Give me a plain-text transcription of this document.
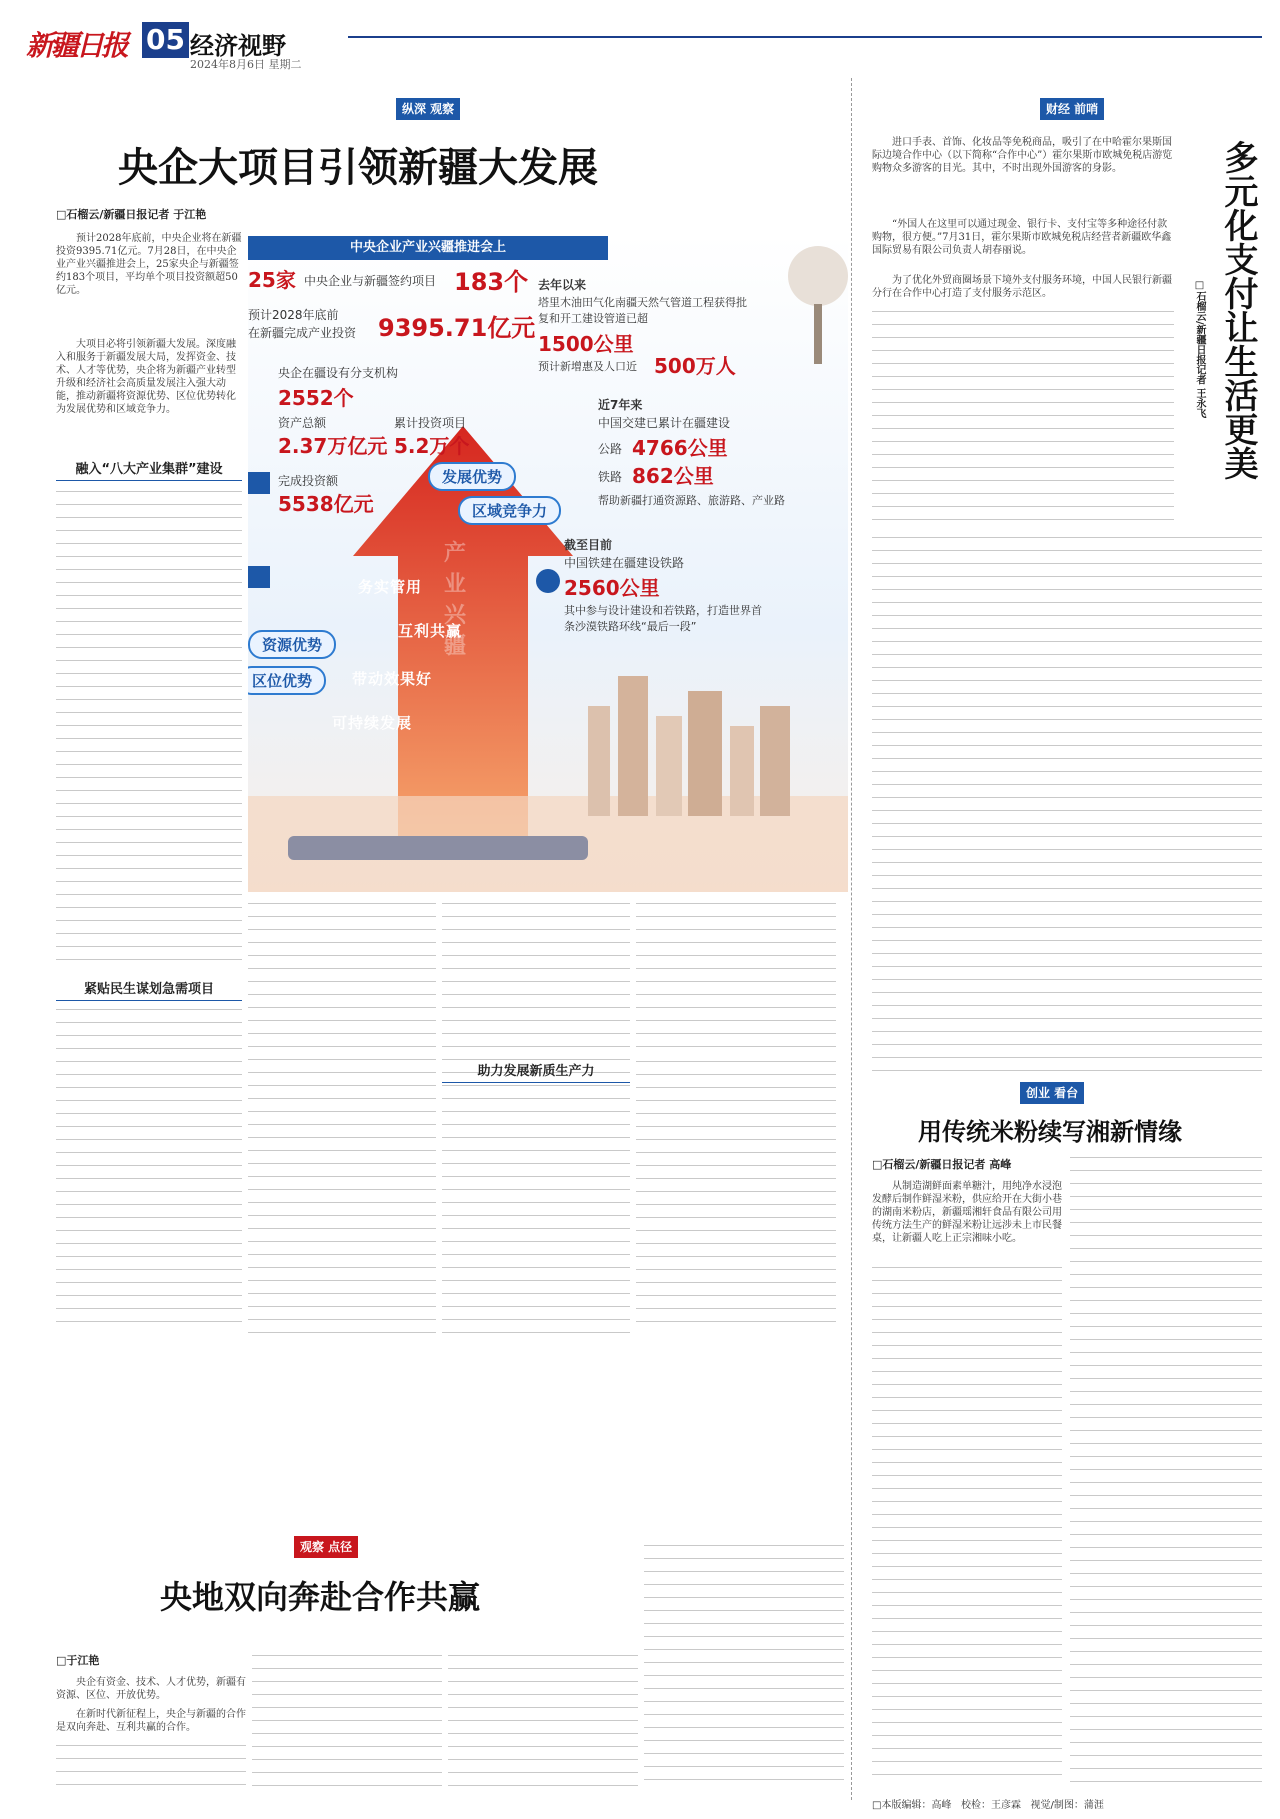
新疆日报 05 经济视野
2024年8月6日 星期二
纵深 观察
央企大项目引领新疆大发展
□石榴云/新疆日报记者 于江艳
预计2028年底前，中央企业将在新疆投资9395.71亿元。7月28日，在中央企业产业兴疆推进会上，25家央企与新疆签约183个项目，平均单个项目投资额超50亿元。
大项目必将引领新疆大发展。深度融入和服务于新疆发展大局，发挥资金、技术、人才等优势，央企将为新疆产业转型升级和经济社会高质量发展注入强大动能，推动新疆将资源优势、区位优势转化为发展优势和区域竞争力。
融入“八大产业集群”建设
紧贴民生谋划急需项目
助力发展新质生产力
中央企业产业兴疆推进会上
25家 中央企业与新疆签约项目 183个
预计2028年底前
在新疆完成产业投资 9395.71亿元
去年以来
塔里木油田气化南疆天然气管道工程获得批复和开工建设管道已超
1500公里
预计新增惠及人口近 500万人
央企在疆设有分支机构
2552个
资产总额
2.37万亿元
累计投资项目
5.2万个
完成投资额
5538亿元
近7年来
中国交建已累计在疆建设
公路 4766公里
铁路 862公里
帮助新疆打通资源路、旅游路、产业路
截至目前
中国铁建在疆建设铁路
2560公里
其中参与设计建设和若铁路，打造世界首条沙漠铁路环线“最后一段”
发展优势
区域竞争力
资源优势
区位优势
务实管用
互利共赢
带动效果好
可持续发展
产业兴疆
财经 前哨
多元化支付让生活更美
□石榴云/新疆日报记者 王永飞
进口手表、首饰、化妆品等免税商品，吸引了在中哈霍尔果斯国际边境合作中心（以下简称“合作中心”）霍尔果斯市欧城免税店游览购物众多游客的目光。其中，不时出现外国游客的身影。
“外国人在这里可以通过现金、银行卡、支付宝等多种途径付款购物，很方便。”7月31日，霍尔果斯市欧城免税店经营者新疆欧华鑫国际贸易有限公司负责人胡春丽说。
为了优化外贸商圈场景下境外支付服务环境，中国人民银行新疆分行在合作中心打造了支付服务示范区。
创业 看台
用传统米粉续写湘新情缘
□石榴云/新疆日报记者 高峰
从制造湖鲜面素单糖汁，用纯净水浸泡发酵后制作鲜湿米粉，供应给开在大街小巷的湖南米粉店，新疆瑶湘轩食品有限公司用传统方法生产的鲜湿米粉让远涉未上市民餐桌，让新疆人吃上正宗湘味小吃。
观察 点径
央地双向奔赴合作共赢
□于江艳
央企有资金、技术、人才优势，新疆有资源、区位、开放优势。
在新时代新征程上，央企与新疆的合作是双向奔赴、互利共赢的合作。
□本版编辑：高峰 校检：王彦霖 视觉/制图：蒲涯
